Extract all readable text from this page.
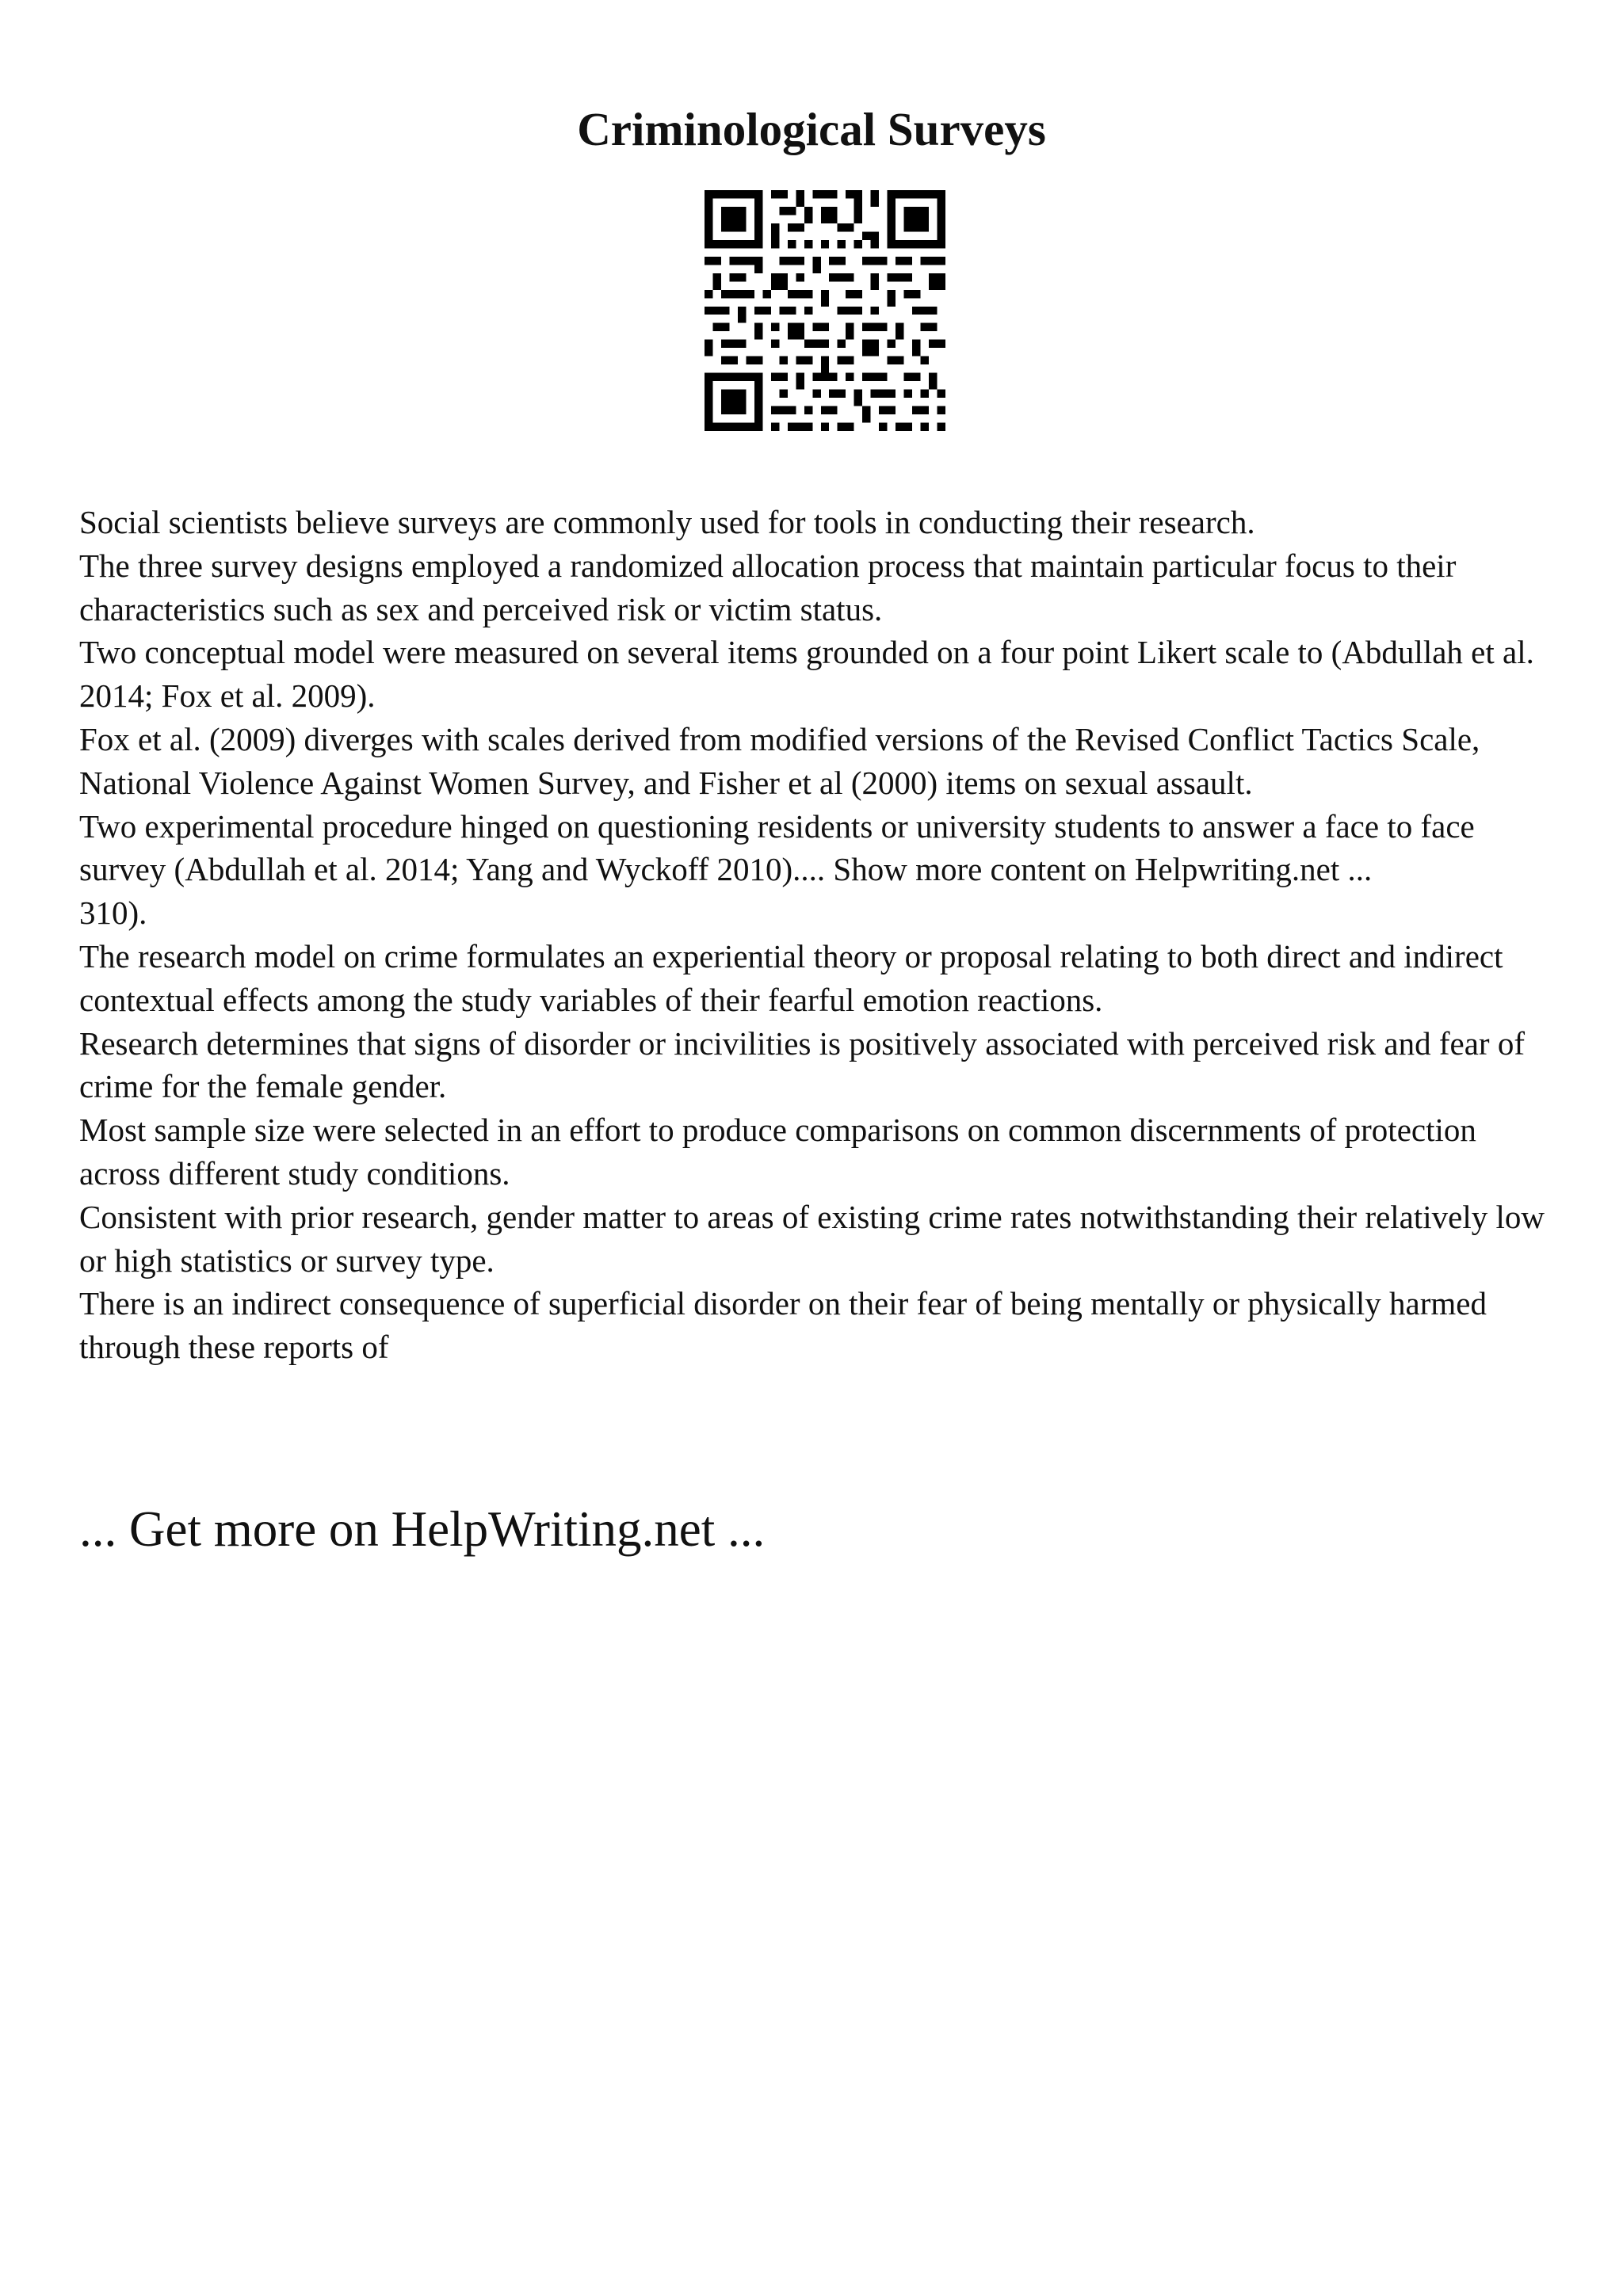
Criminological Surveys
Social scientists believe surveys are commonly used for tools in conducting their research.
The three survey designs employed a randomized allocation process that maintain particular focus to their characteristics such as sex and perceived risk or victim status.
Two conceptual model were measured on several items grounded on a four point Likert scale to (Abdullah et al. 2014; Fox et al. 2009).
Fox et al. (2009) diverges with scales derived from modified versions of the Revised Conflict Tactics Scale, National Violence Against Women Survey, and Fisher et al (2000) items on sexual assault.
Two experimental procedure hinged on questioning residents or university students to answer a face to face survey (Abdullah et al. 2014; Yang and Wyckoff 2010).... Show more content on Helpwriting.net ...
310).
The research model on crime formulates an experiential theory or proposal relating to both direct and indirect contextual effects among the study variables of their fearful emotion reactions.
Research determines that signs of disorder or incivilities is positively associated with perceived risk and fear of crime for the female gender.
Most sample size were selected in an effort to produce comparisons on common discernments of protection across different study conditions.
Consistent with prior research, gender matter to areas of existing crime rates notwithstanding their relatively low or high statistics or survey type.
There is an indirect consequence of superficial disorder on their fear of being mentally or physically harmed through these reports of
... Get more on HelpWriting.net ...
